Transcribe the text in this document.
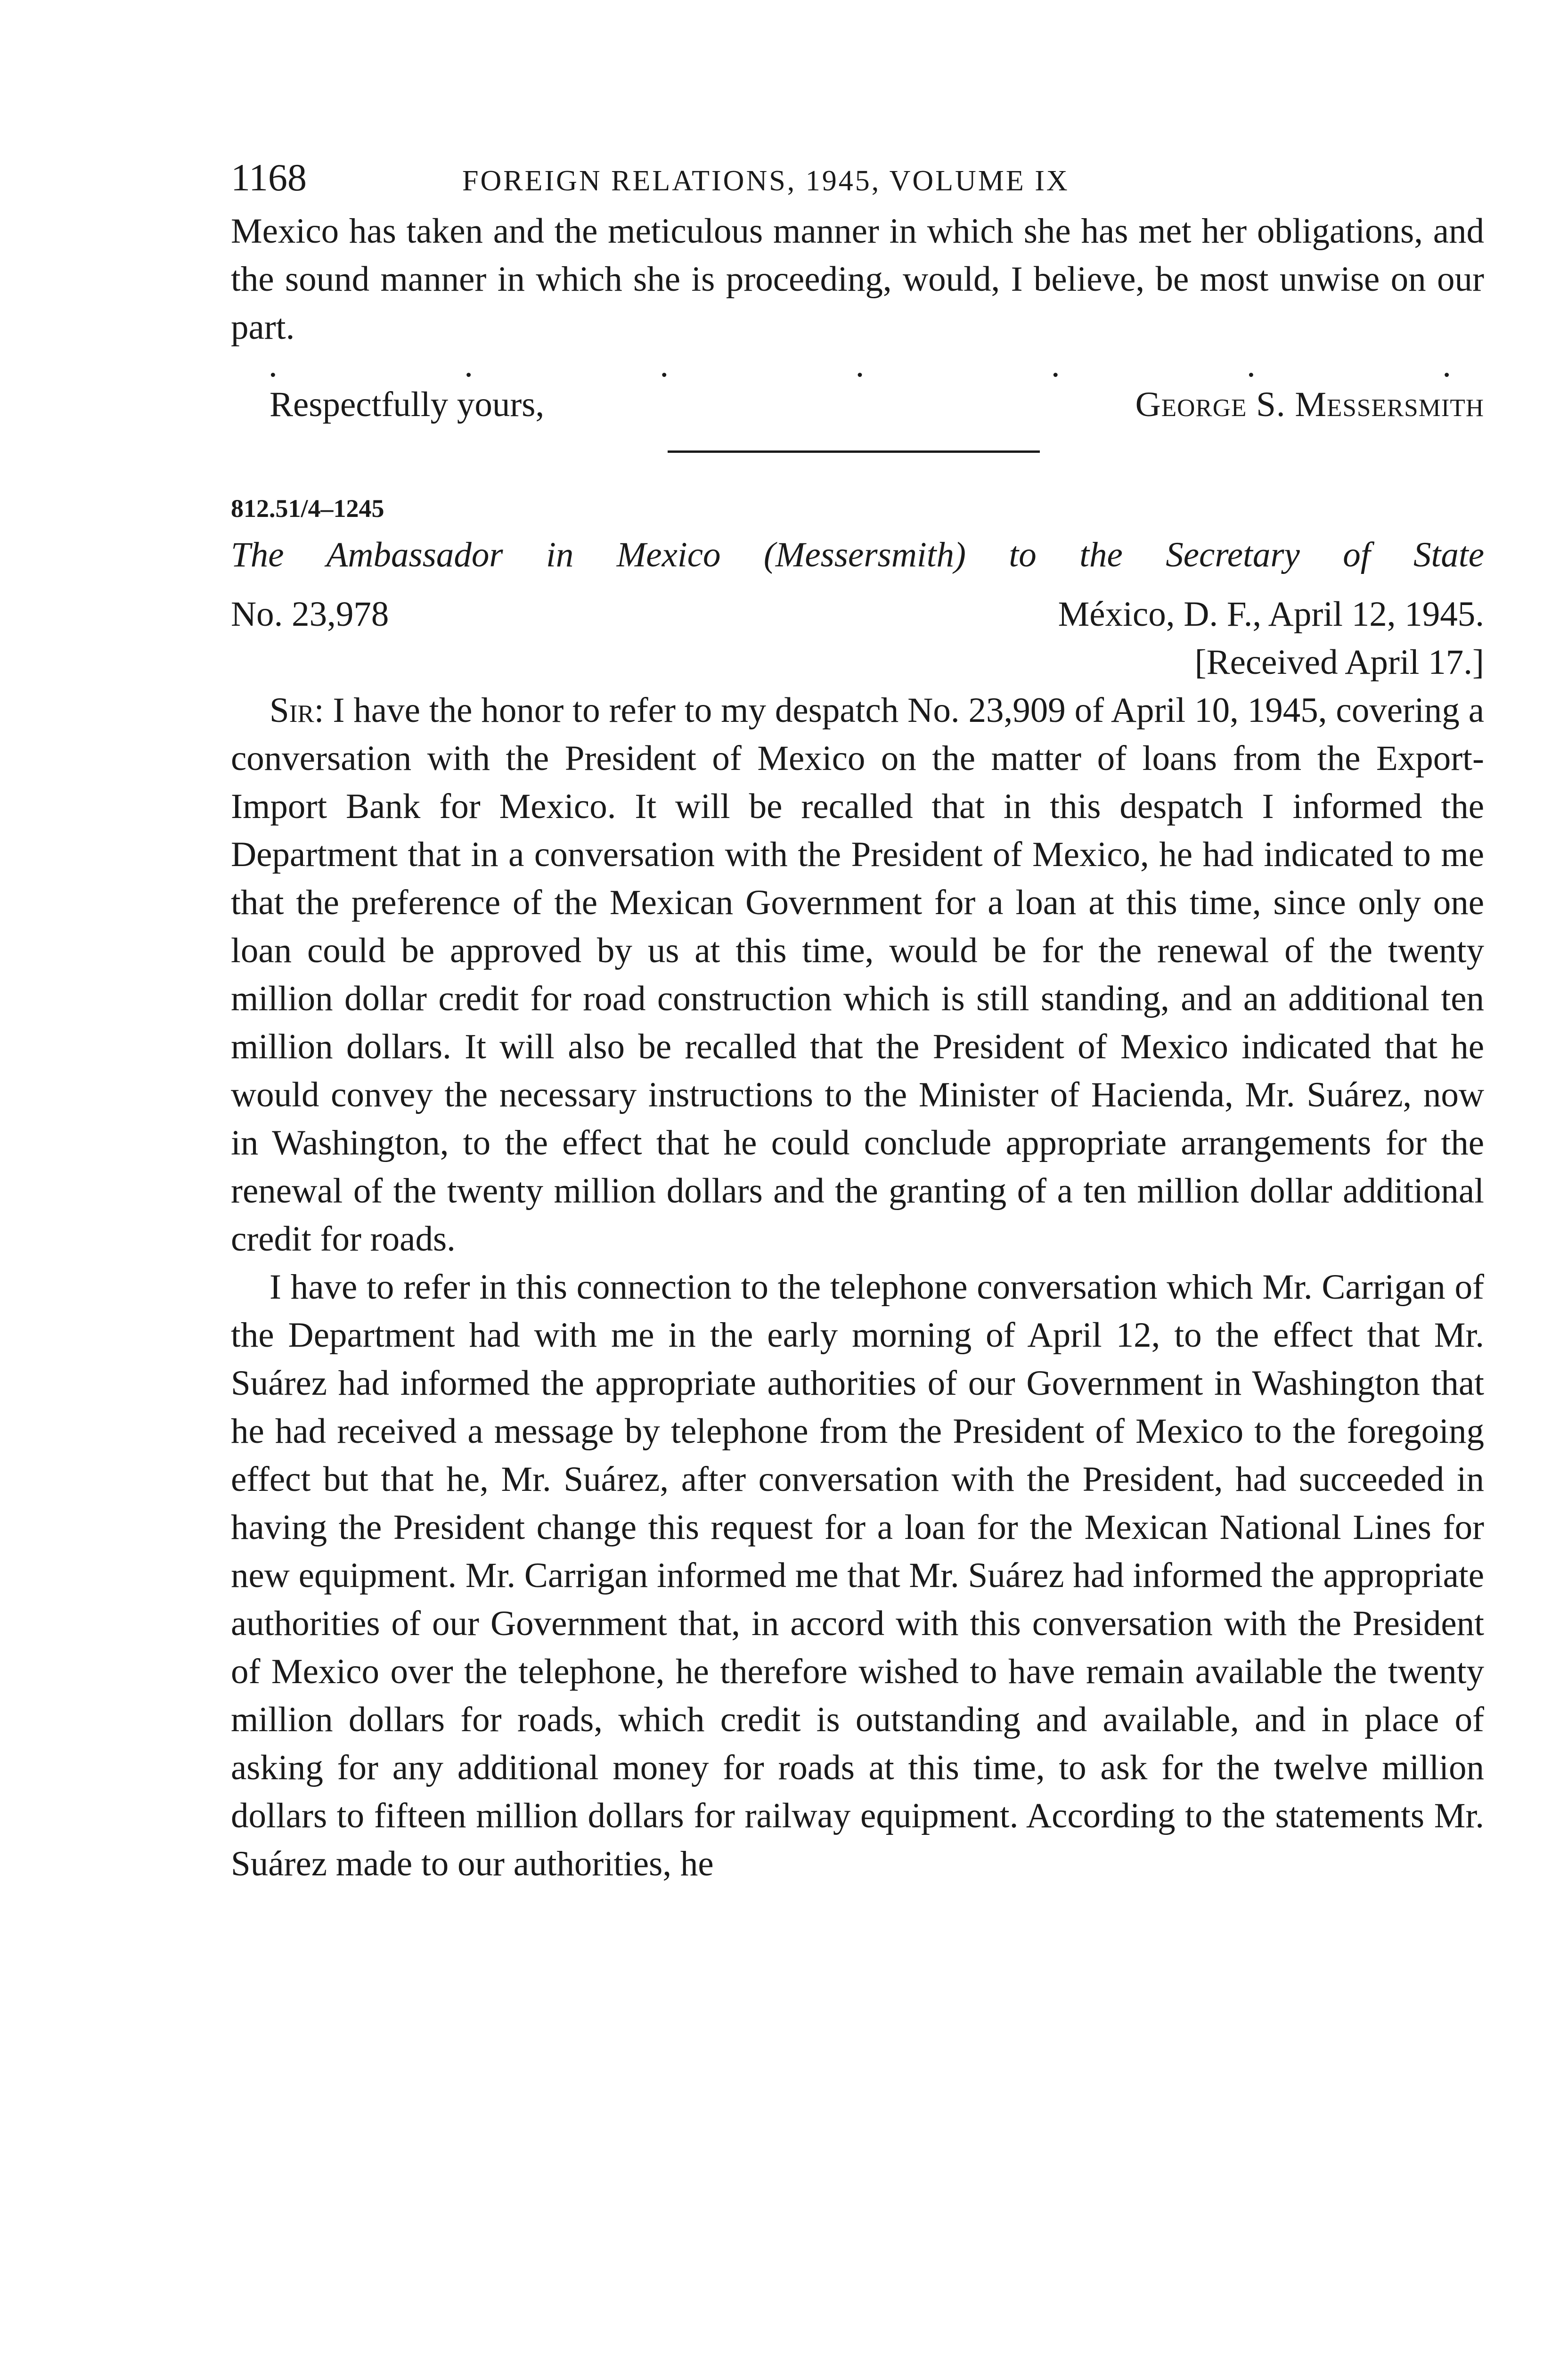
1168	FOREIGN RELATIONS, 1945, VOLUME IX

Mexico has taken and the meticulous manner in which she has met her obligations, and the sound manner in which she is proceeding, would, I believe, be most unwise on our part.

.	.	.	.	.	.	.
Respectfully yours,	George S. Messersmith
812.51/4–1245
The Ambassador in Mexico (Messersmith) to the Secretary of State
No. 23,978	México, D. F., April 12, 1945.
[Received April 17.]

Sir: I have the honor to refer to my despatch No. 23,909 of April 10, 1945, covering a conversation with the President of Mexico on the matter of loans from the Export-Import Bank for Mexico. It will be recalled that in this despatch I informed the Department that in a conversation with the President of Mexico, he had indicated to me that the preference of the Mexican Government for a loan at this time, since only one loan could be approved by us at this time, would be for the renewal of the twenty million dollar credit for road construction which is still standing, and an additional ten million dollars. It will also be recalled that the President of Mexico indicated that he would convey the necessary instructions to the Minister of Hacienda, Mr. Suárez, now in Washington, to the effect that he could conclude appropriate arrangements for the renewal of the twenty million dollars and the granting of a ten million dollar additional credit for roads.

I have to refer in this connection to the telephone conversation which Mr. Carrigan of the Department had with me in the early morning of April 12, to the effect that Mr. Suárez had informed the appropriate authorities of our Government in Washington that he had received a message by telephone from the President of Mexico to the foregoing effect but that he, Mr. Suárez, after conversation with the President, had succeeded in having the President change this request for a loan for the Mexican National Lines for new equipment. Mr. Carrigan informed me that Mr. Suárez had informed the appropriate authorities of our Government that, in accord with this conversation with the President of Mexico over the telephone, he therefore wished to have remain available the twenty million dollars for roads, which credit is outstanding and available, and in place of asking for any additional money for roads at this time, to ask for the twelve million dollars to fifteen million dollars for railway equipment. According to the statements Mr. Suárez made to our authorities, he
